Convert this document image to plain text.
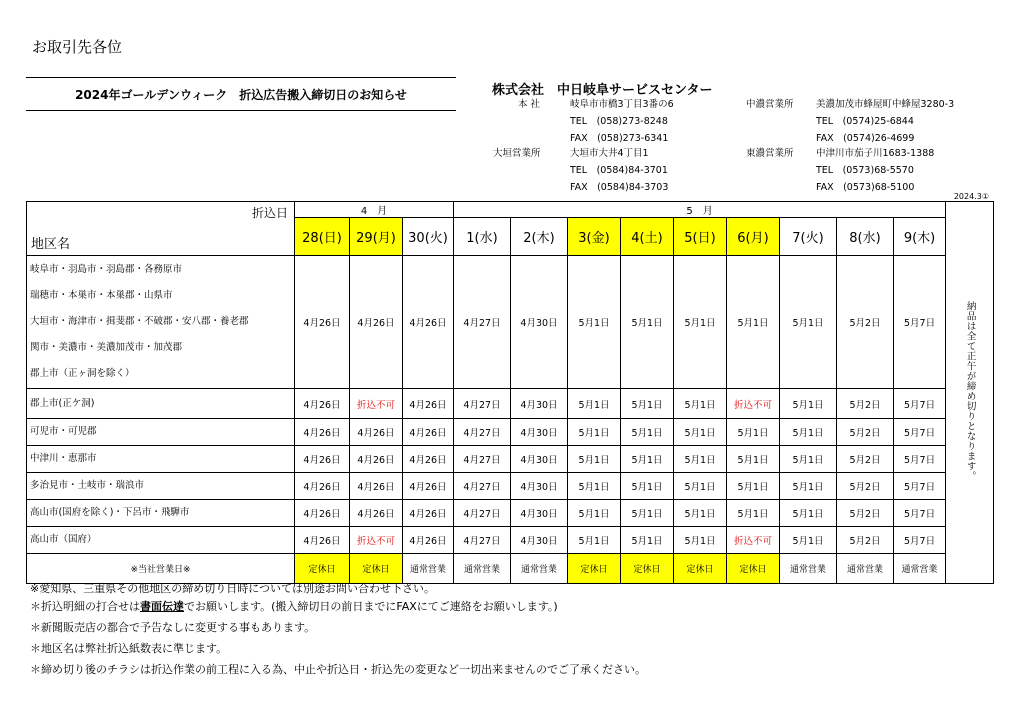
お取引先各位
2024年ゴールデンウィーク　折込広告搬入締切日のお知らせ	株式会社　中日岐阜サービスセンター
本 社	岐阜市市橋3丁目3番の6
TEL　(058)273-8248
FAX　(058)273-6341
中濃営業所 美濃加茂市蜂屋町中蜂屋3280-3
TEL　(0574)25-6844
FAX　(0574)26-4699
大垣営業所	大垣市大井4丁目1
TEL　(0584)84-3701
FAX　(0584)84-3703
東濃営業所 中津川市茄子川1683-1388
TEL　(0573)68-5570
FAX　(0573)68-5100
2024.3①
折込日
地区名	4　月			5　月									納品は全て正午が締め切りとなります。
	28(日)	29(月)	30(火)	1(水)	2(木)	3(金)	4(土)	5(日)	6(月)	7(火)	8(水)	9(木)	

岐阜市・羽島市・羽島郡・各務原市
瑞穂市・本巣市・本巣郡・山県市
大垣市・海津市・揖斐郡・不破郡・安八郡・養老郡
関市・美濃市・美濃加茂市・加茂郡
郡上市（正ヶ洞を除く）	4月26日	4月26日	4月26日	4月27日	4月30日	5月1日	5月1日	5月1日	5月1日	5月1日	5月2日	5月7日	

郡上市(正ケ洞)	4月26日	折込不可	4月26日	4月27日	4月30日	5月1日	5月1日	5月1日	折込不可	5月1日	5月2日	5月7日	

可児市・可児郡	4月26日	4月26日	4月26日	4月27日	4月30日	5月1日	5月1日	5月1日	5月1日	5月1日	5月2日	5月7日	

中津川・恵那市	4月26日	4月26日	4月26日	4月27日	4月30日	5月1日	5月1日	5月1日	5月1日	5月1日	5月2日	5月7日	

多治見市・土岐市・瑞浪市	4月26日	4月26日	4月26日	4月27日	4月30日	5月1日	5月1日	5月1日	5月1日	5月1日	5月2日	5月7日	

高山市(国府を除く)・下呂市・飛騨市	4月26日	4月26日	4月26日	4月27日	4月30日	5月1日	5月1日	5月1日	5月1日	5月1日	5月2日	5月7日	

高山市（国府）	4月26日	折込不可	4月26日	4月27日	4月30日	5月1日	5月1日	5月1日	折込不可	5月1日	5月2日	5月7日	
※当社営業日※	定休日	定休日	通常営業	通常営業	通常営業	定休日	定休日	定休日	定休日	通常営業	通常営業	通常営業	
※愛知県、三重県その他地区の締め切り日時については別途お問い合わせ下さい。
＊折込明細の打合せは書面伝達でお願いします。(搬入締切日の前日までにFAXにてご連絡をお願いします。)
＊新聞販売店の都合で予告なしに変更する事もあります。
＊地区名は弊社折込紙数表に準じます。
＊締め切り後のチラシは折込作業の前工程に入る為、中止や折込日・折込先の変更など一切出来ませんのでご了承ください。
